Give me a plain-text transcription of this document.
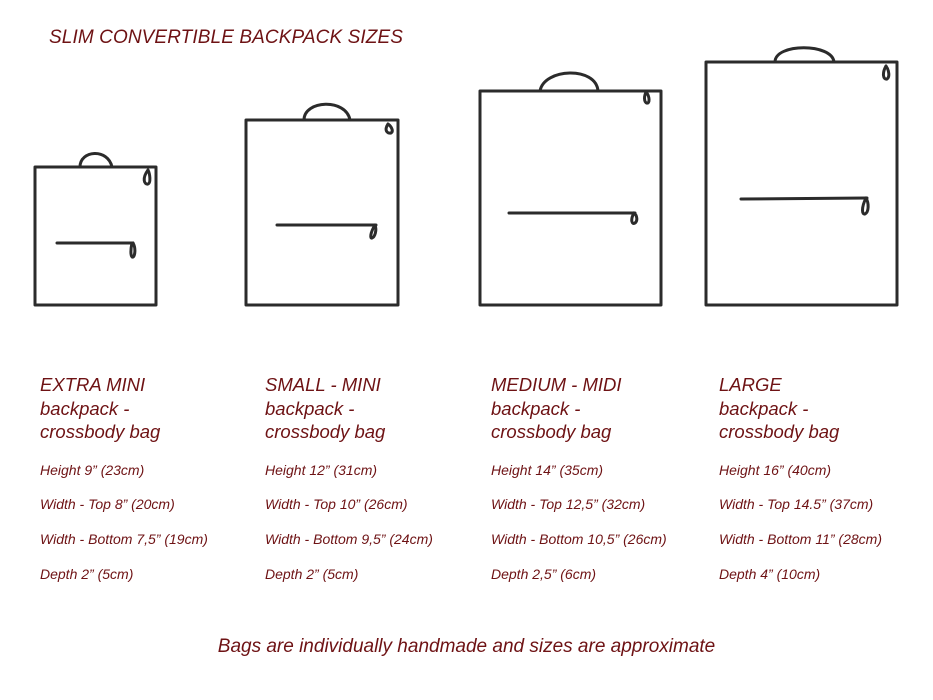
SLIM CONVERTIBLE BACKPACK SIZES
EXTRA MINI
backpack -
crossbody bag
Height 9” (23cm)
Width - Top 8” (20cm)
Width - Bottom 7,5” (19cm)
Depth 2” (5cm)
SMALL - MINI
backpack -
crossbody bag
Height 12” (31cm)
Width - Top 10” (26cm)
Width - Bottom 9,5” (24cm)
Depth 2” (5cm)
MEDIUM - MIDI
backpack -
crossbody bag
Height 14” (35cm)
Width - Top 12,5” (32cm)
Width - Bottom 10,5” (26cm)
Depth 2,5” (6cm)
LARGE
backpack -
crossbody bag
Height 16” (40cm)
Width - Top 14.5” (37cm)
Width - Bottom 11” (28cm)
Depth 4” (10cm)
Bags are individually handmade and sizes are approximate
